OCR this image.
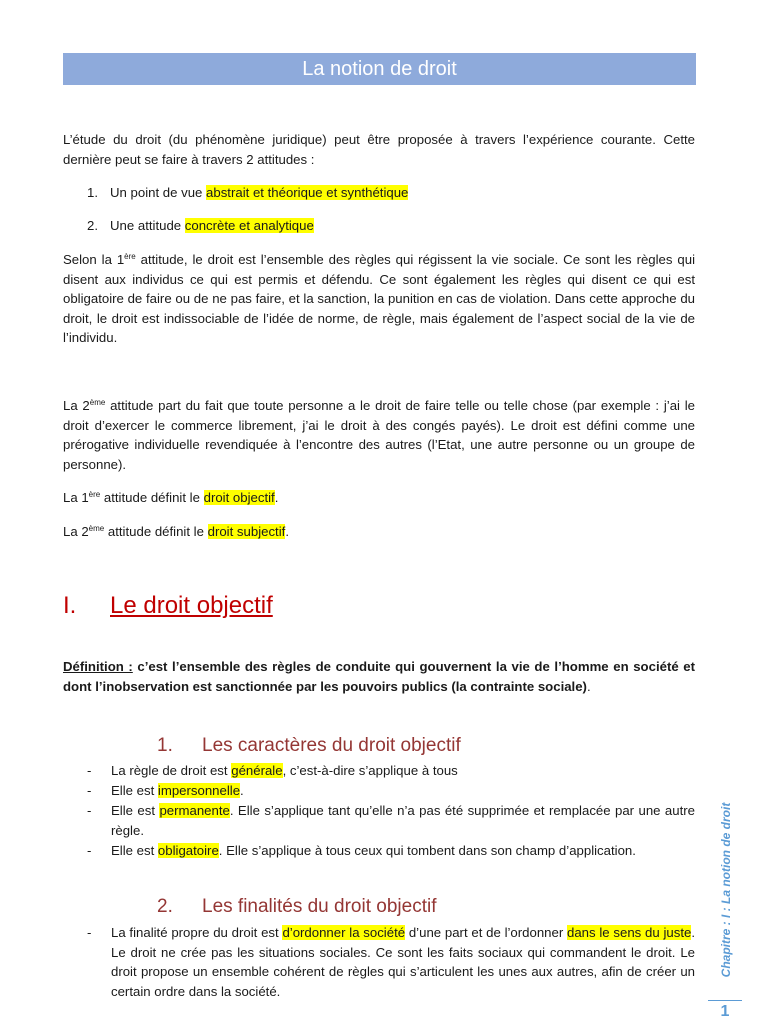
La notion de droit

L’étude du droit (du phénomène juridique) peut être proposée à travers l’expérience courante. Cette dernière peut se faire à travers 2 attitudes :

1. Un point de vue abstrait et théorique et synthétique
2. Une attitude concrète et analytique

Selon la 1ère attitude, le droit est l’ensemble des règles qui régissent la vie sociale. Ce sont les règles qui disent aux individus ce qui est permis et défendu. Ce sont également les règles qui disent ce qui est obligatoire de faire ou de ne pas faire, et la sanction, la punition en cas de violation. Dans cette approche du droit, le droit est indissociable de l’idée de norme, de règle, mais également de l’aspect social de la vie de l’individu.

La 2ème attitude part du fait que toute personne a le droit de faire telle ou telle chose (par exemple : j’ai le droit d’exercer le commerce librement, j’ai le droit à des congés payés). Le droit est défini comme une prérogative individuelle revendiquée à l’encontre des autres (l’Etat, une autre personne ou un groupe de personne).

La 1ère attitude définit le droit objectif.

La 2ème attitude définit le droit subjectif.

I. Le droit objectif

Définition : c’est l’ensemble des règles de conduite qui gouvernent la vie de l’homme en société et dont l’inobservation est sanctionnée par les pouvoirs publics (la contrainte sociale).

1. Les caractères du droit objectif
- La règle de droit est générale, c’est-à-dire s’applique à tous
- Elle est impersonnelle.
- Elle est permanente. Elle s’applique tant qu’elle n’a pas été supprimée et remplacée par une autre règle.
- Elle est obligatoire. Elle s’applique à tous ceux qui tombent dans son champ d’application.
2. Les finalités du droit objectif
- La finalité propre du droit est d’ordonner la société d’une part et de l’ordonner dans le sens du juste. Le droit ne crée pas les situations sociales. Ce sont les faits sociaux qui commandent le droit. Le droit propose un ensemble cohérent de règles qui s’articulent les unes aux autres, afin de créer un certain ordre dans la société.
Chapitre : I : La notion de droit
1
